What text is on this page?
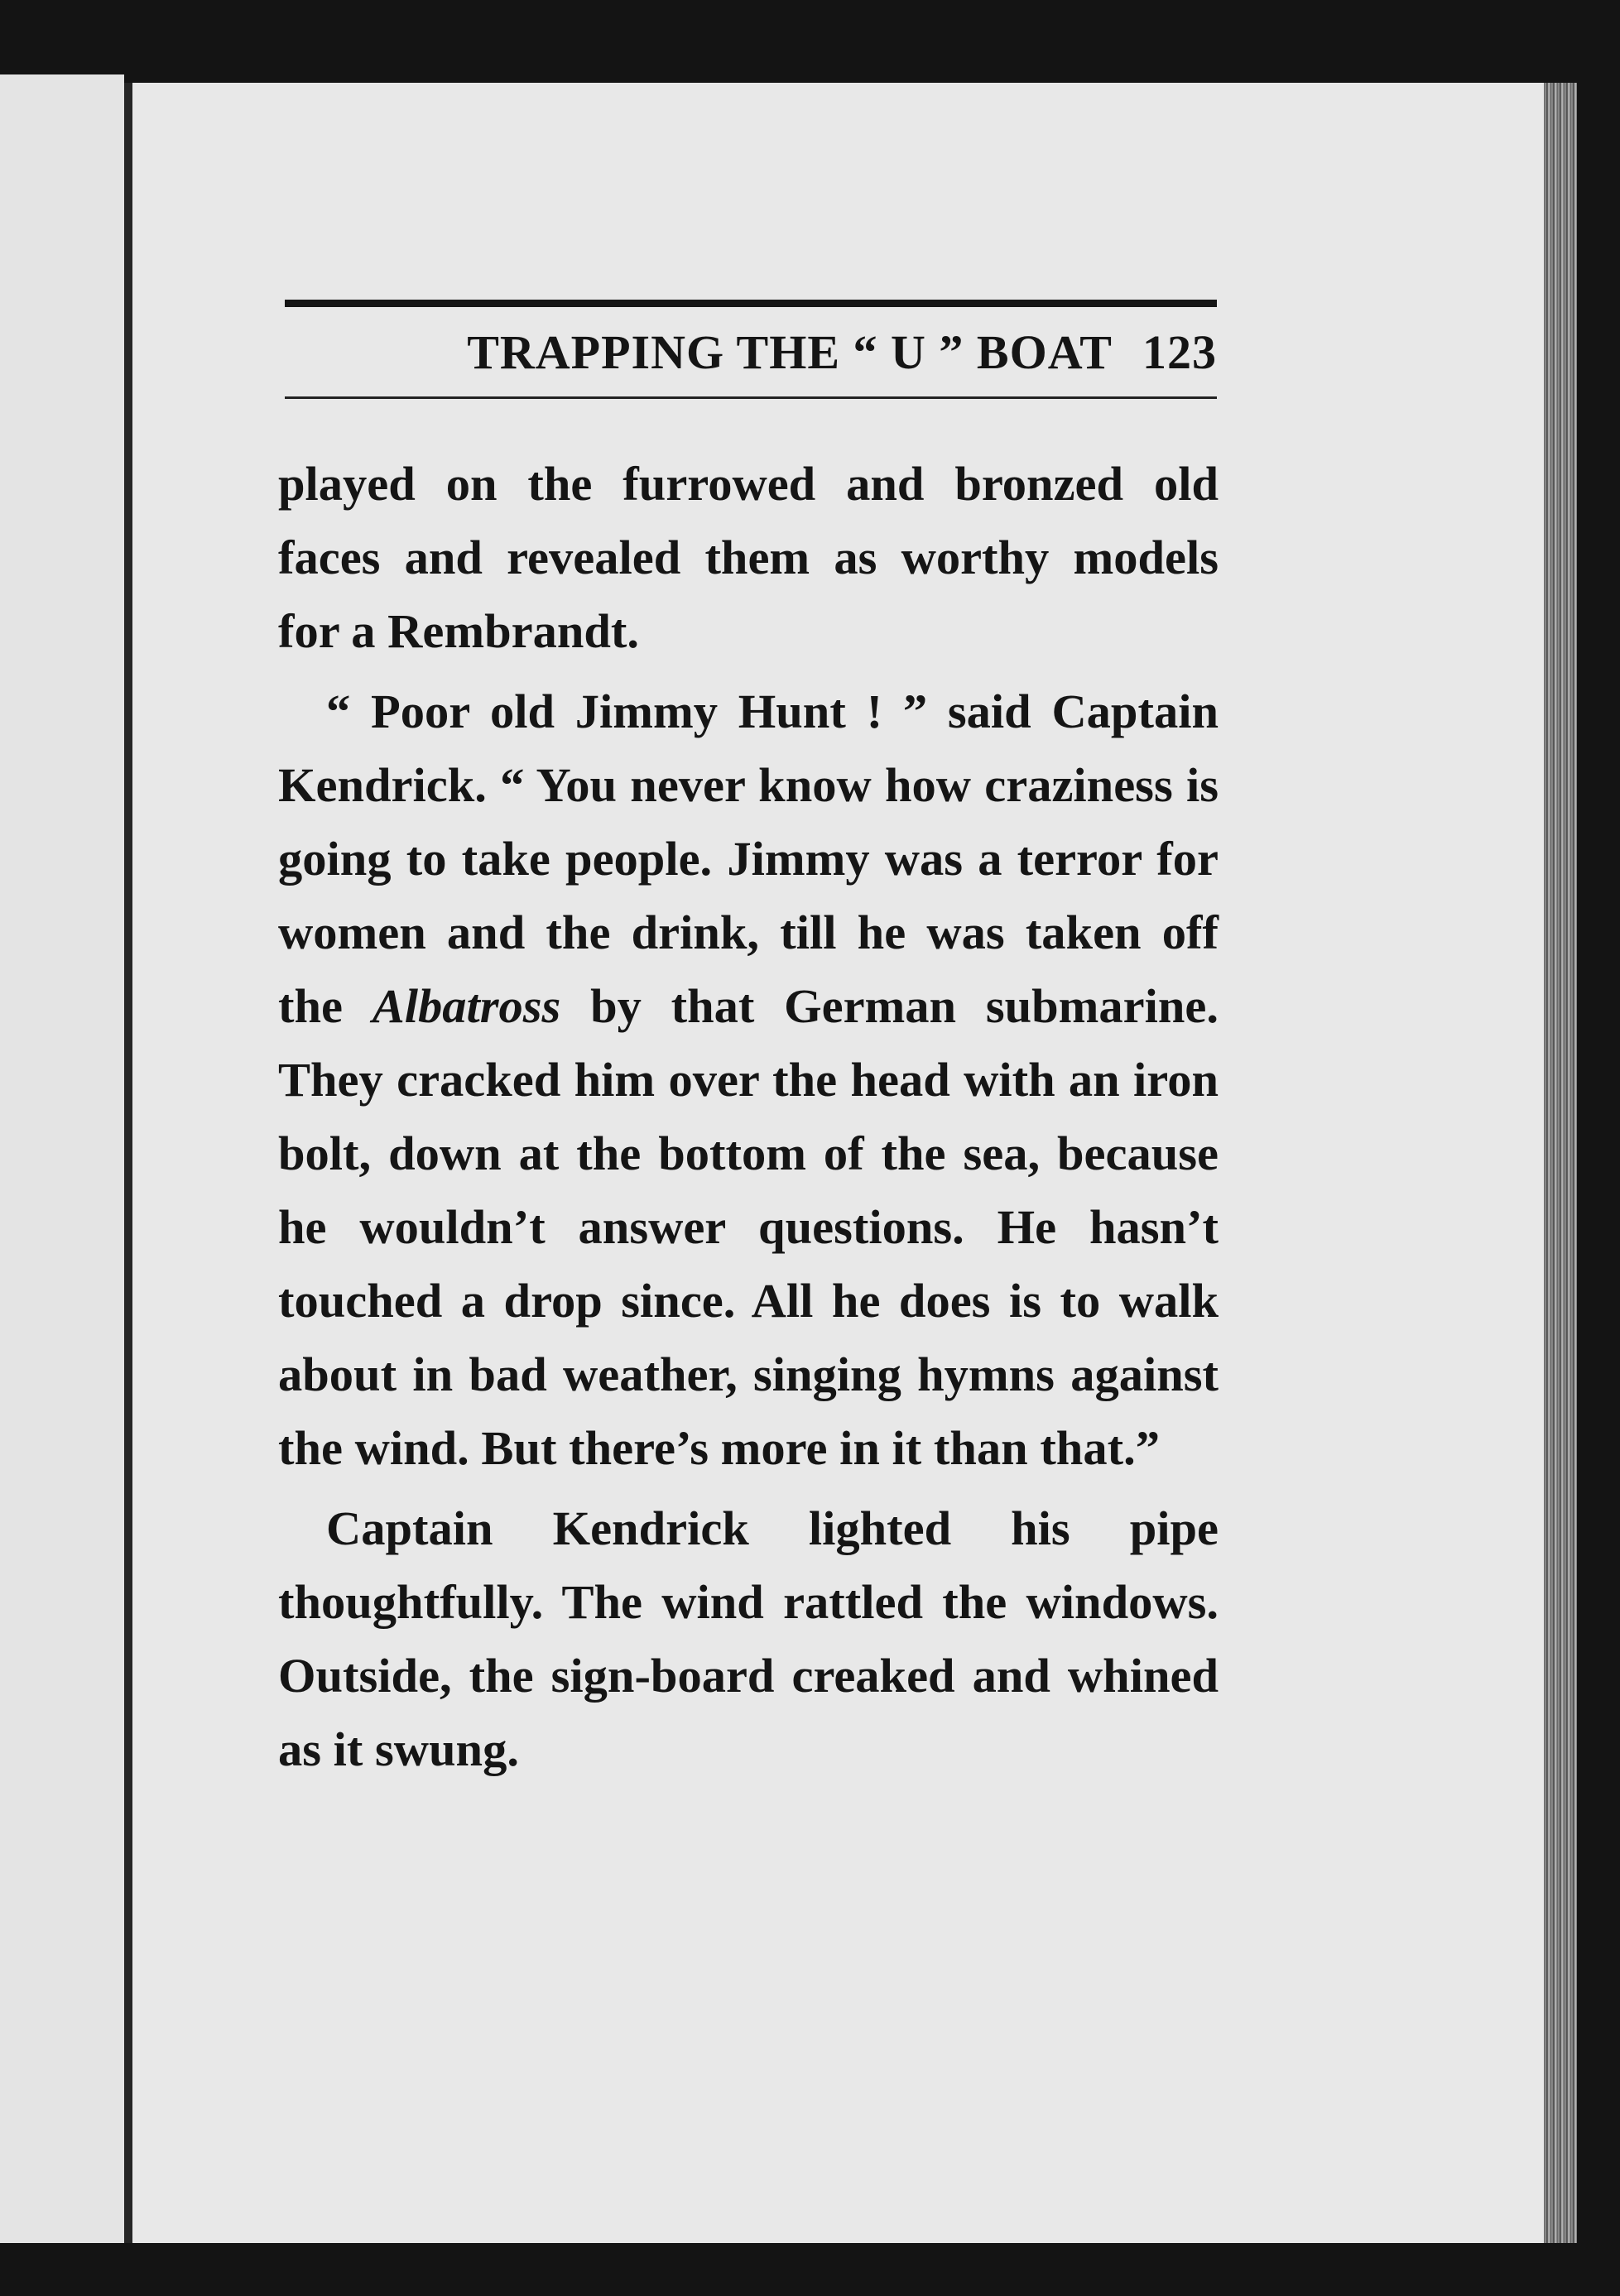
TRAPPING THE “ U ” BOAT 123

played on the furrowed and bronzed old faces and revealed them as worthy models for a Rembrandt.

“ Poor old Jimmy Hunt ! ” said Captain Kendrick. “ You never know how craziness is going to take people. Jimmy was a terror for women and the drink, till he was taken off the Albatross by that German submarine. They cracked him over the head with an iron bolt, down at the bottom of the sea, because he wouldn’t answer questions. He hasn’t touched a drop since. All he does is to walk about in bad weather, singing hymns against the wind. But there’s more in it than that.”

Captain Kendrick lighted his pipe thoughtfully. The wind rattled the windows. Outside, the sign-board creaked and whined as it swung.
